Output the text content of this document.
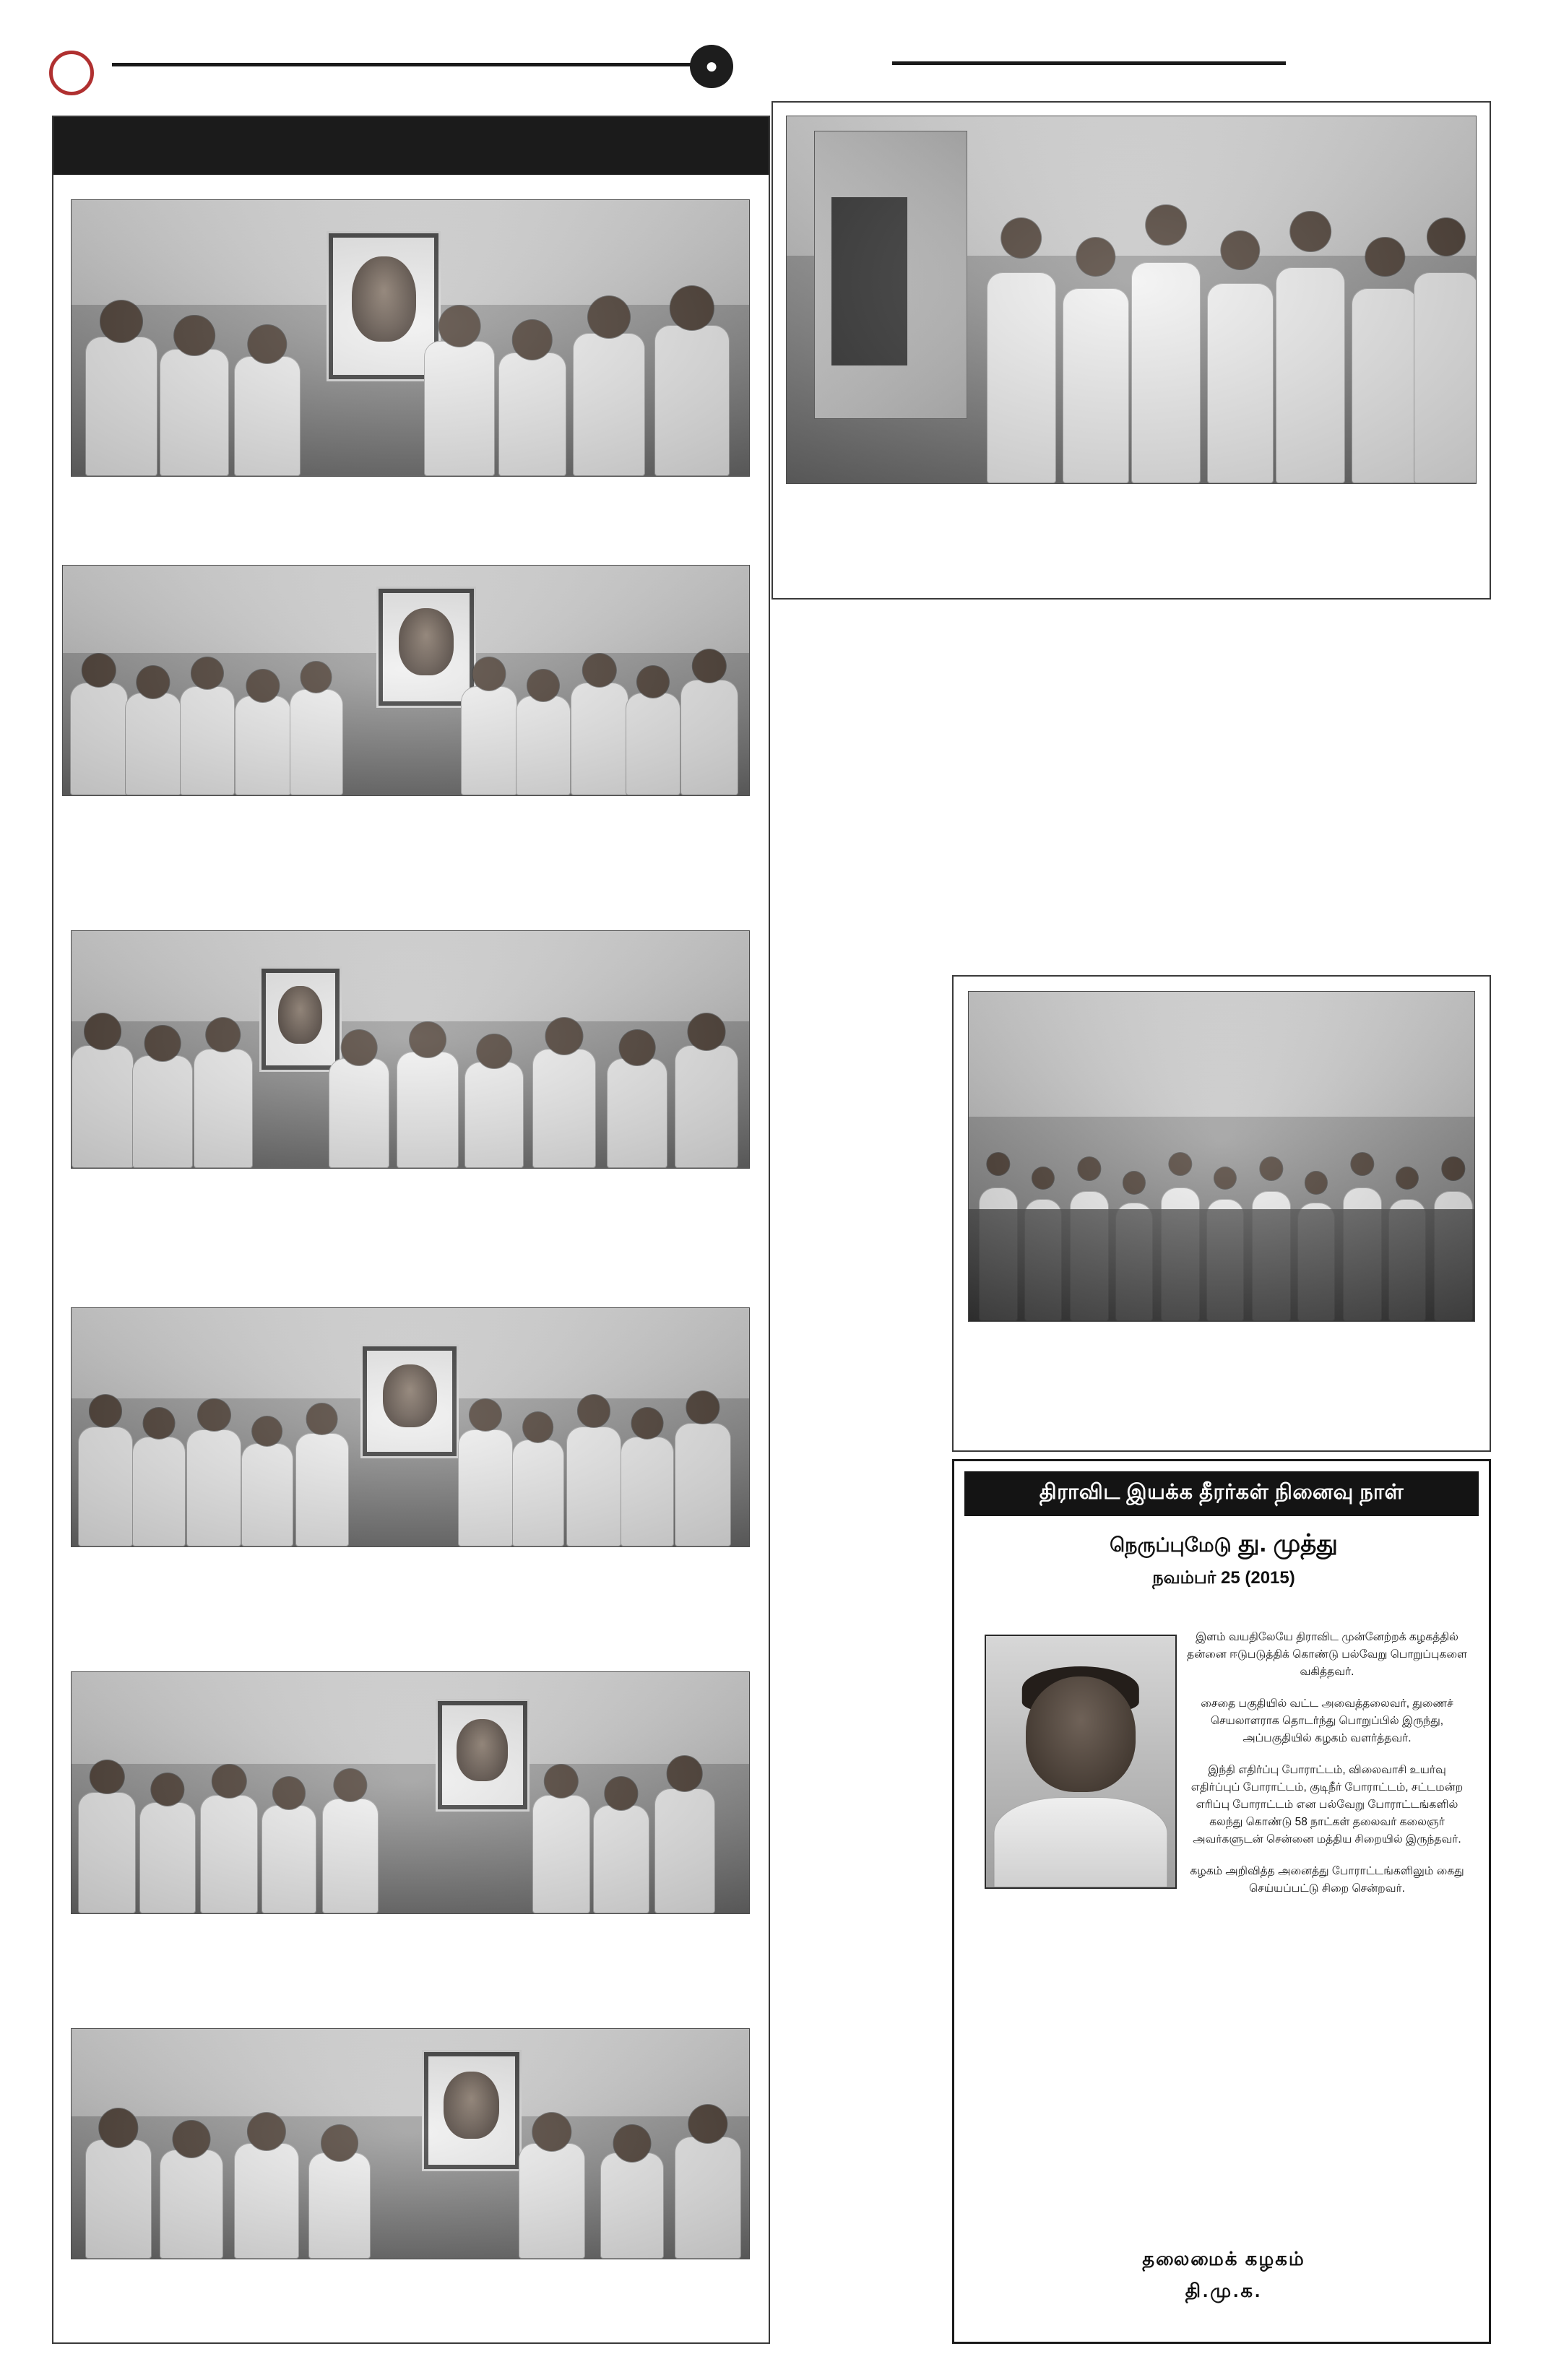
●
திராவிட இயக்க தீரர்கள் நினைவு நாள்
நெருப்புமேடு து. முத்து
நவம்பர் 25 (2015)

இளம் வயதிலேயே திராவிட முன்னேற்றக் கழகத்தில் தன்னை ஈடுபடுத்திக் கொண்டு பல்வேறு பொறுப்புகளை வகித்தவர்.

சைதை பகுதியில் வட்ட அவைத்தலைவர், துணைச் செயலாளராக தொடர்ந்து பொறுப்பில் இருந்து, அப்பகுதியில் கழகம் வளர்த்தவர்.

இந்தி எதிர்ப்பு போராட்டம், விலைவாசி உயர்வு எதிர்ப்புப் போராட்டம், குடிநீர் போராட்டம், சட்டமன்ற எரிப்பு போராட்டம் என பல்வேறு போராட்டங்களில் கலந்து கொண்டு 58 நாட்கள் தலைவர் கலைஞர் அவர்களுடன் சென்னை மத்திய சிறையில் இருந்தவர்.

கழகம் அறிவித்த அனைத்து போராட்டங்களிலும் கைது செய்யப்பட்டு சிறை சென்றவர்.

தலைமைக் கழகம்
தி.மு.க.
